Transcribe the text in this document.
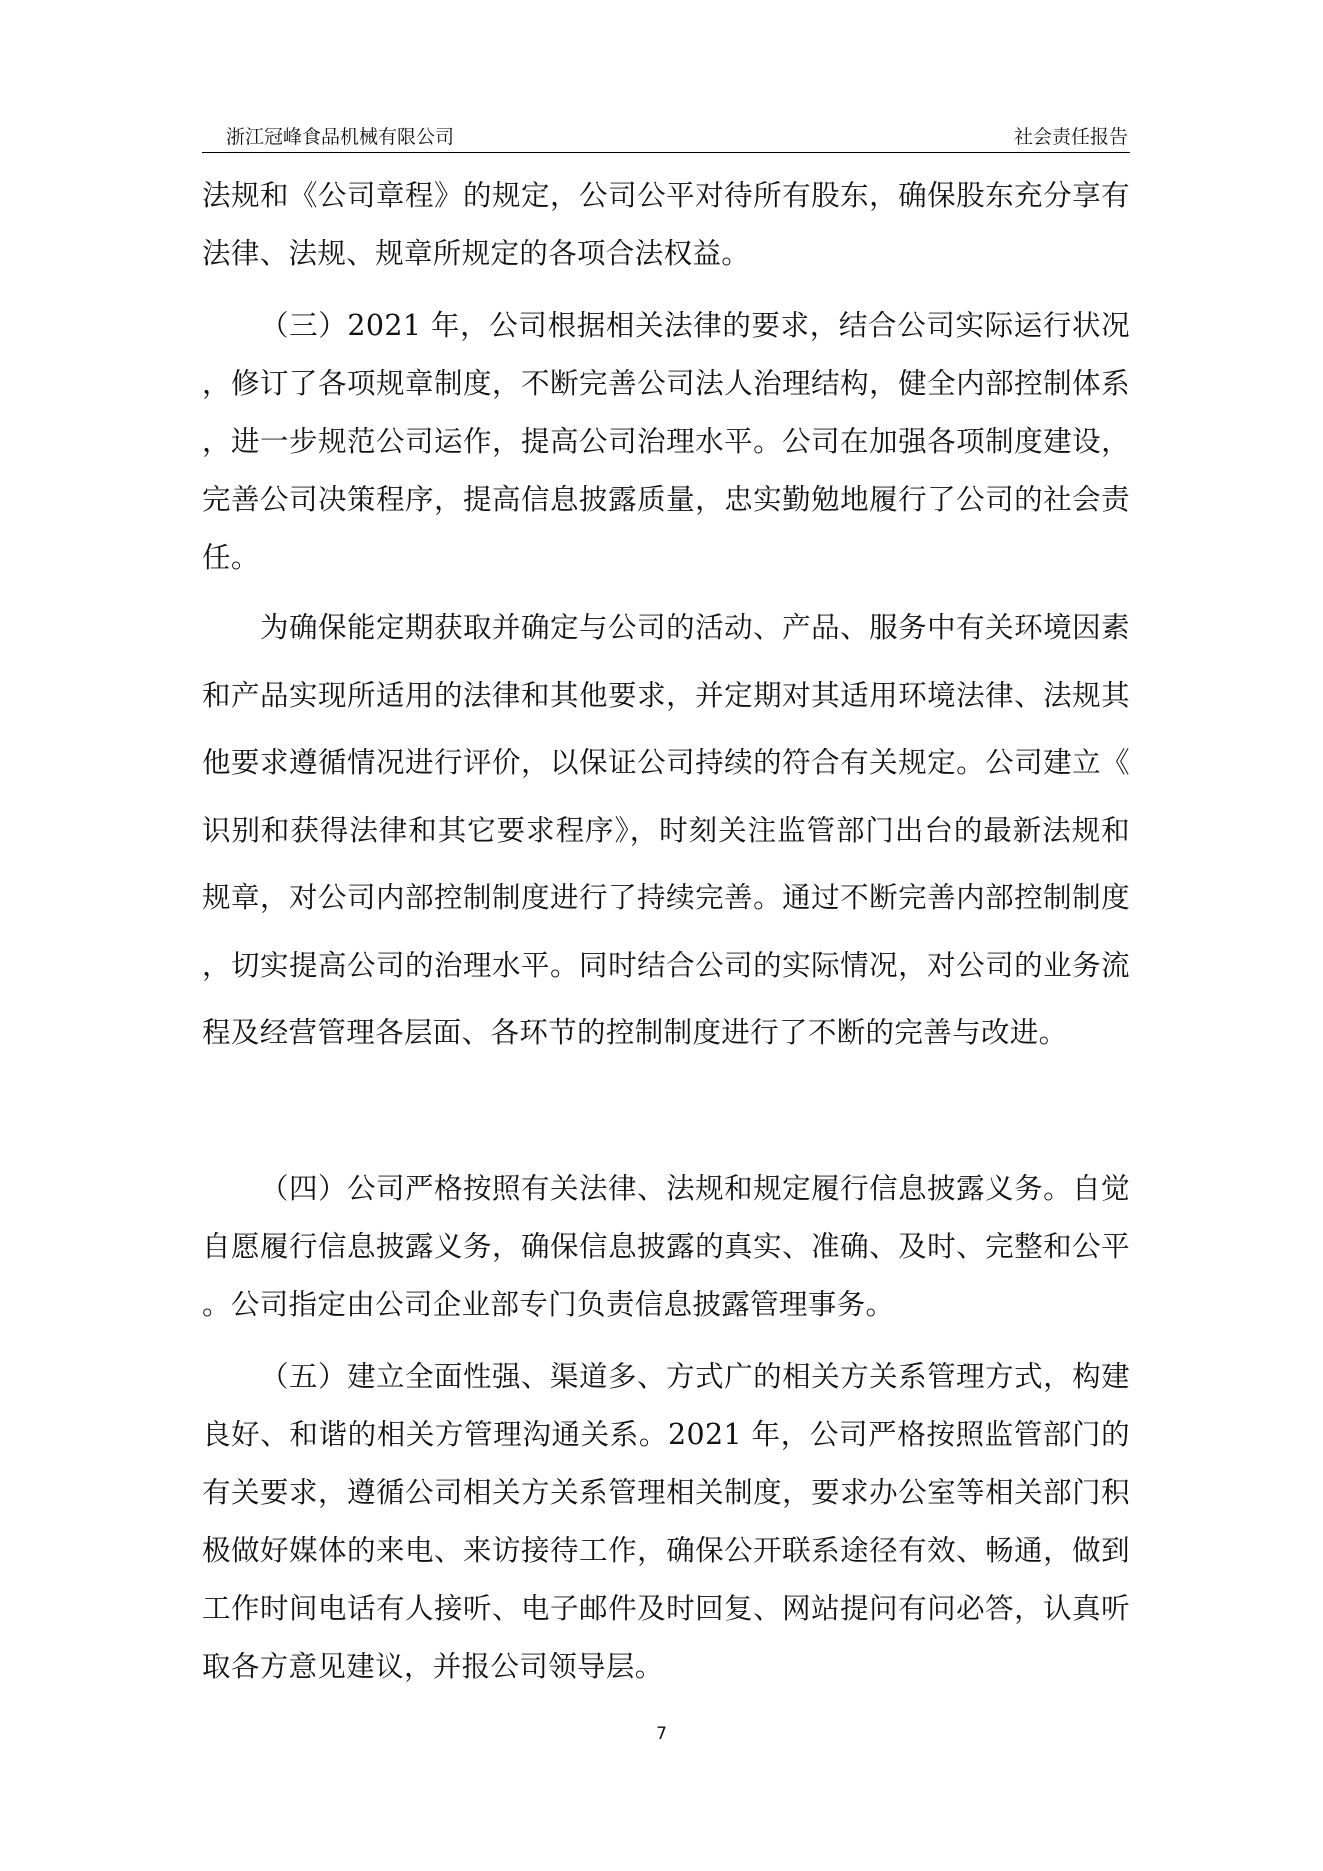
浙江冠峰食品机械有限公司	社会责任报告

法规和《公司章程》的规定，公司公平对待所有股东，确保股东充分享有法律、法规、规章所规定的各项合法权益。

（三）2021 年，公司根据相关法律的要求，结合公司实际运行状况，修订了各项规章制度，不断完善公司法人治理结构，健全内部控制体系，进一步规范公司运作，提高公司治理水平。公司在加强各项制度建设，完善公司决策程序，提高信息披露质量，忠实勤勉地履行了公司的社会责任。

为确保能定期获取并确定与公司的活动、产品、服务中有关环境因素和产品实现所适用的法律和其他要求，并定期对其适用环境法律、法规其他要求遵循情况进行评价，以保证公司持续的符合有关规定。公司建立《识别和获得法律和其它要求程序》，时刻关注监管部门出台的最新法规和规章，对公司内部控制制度进行了持续完善。通过不断完善内部控制制度，切实提高公司的治理水平。同时结合公司的实际情况，对公司的业务流程及经营管理各层面、各环节的控制制度进行了不断的完善与改进。

（四）公司严格按照有关法律、法规和规定履行信息披露义务。自觉自愿履行信息披露义务，确保信息披露的真实、准确、及时、完整和公平。公司指定由公司企业部专门负责信息披露管理事务。

（五）建立全面性强、渠道多、方式广的相关方关系管理方式，构建良好、和谐的相关方管理沟通关系。2021 年，公司严格按照监管部门的有关要求，遵循公司相关方关系管理相关制度，要求办公室等相关部门积极做好媒体的来电、来访接待工作，确保公开联系途径有效、畅通，做到工作时间电话有人接听、电子邮件及时回复、网站提问有问必答，认真听取各方意见建议，并报公司领导层。

7
